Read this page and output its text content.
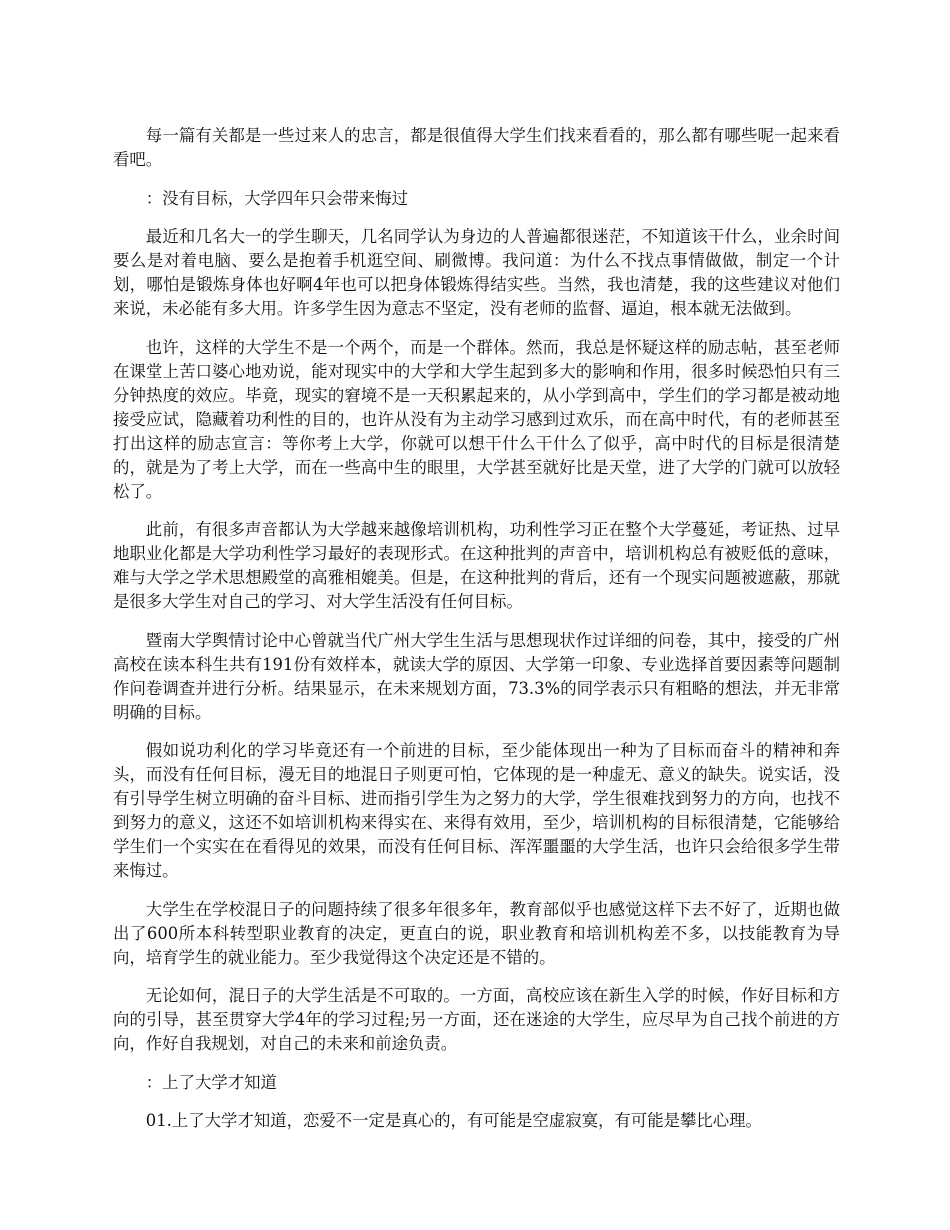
每一篇有关都是一些过来人的忠言，都是很值得大学生们找来看看的，那么都有哪些呢一起来看看吧。

：没有目标，大学四年只会带来悔过

最近和几名大一的学生聊天，几名同学认为身边的人普遍都很迷茫，不知道该干什么，业余时间要么是对着电脑、要么是抱着手机逛空间、刷微博。我问道：为什么不找点事情做做，制定一个计划，哪怕是锻炼身体也好啊4年也可以把身体锻炼得结实些。当然，我也清楚，我的这些建议对他们来说，未必能有多大用。许多学生因为意志不坚定，没有老师的监督、逼迫，根本就无法做到。

也许，这样的大学生不是一个两个，而是一个群体。然而，我总是怀疑这样的励志帖，甚至老师在课堂上苦口婆心地劝说，能对现实中的大学和大学生起到多大的影响和作用，很多时候恐怕只有三分钟热度的效应。毕竟，现实的窘境不是一天积累起来的，从小学到高中，学生们的学习都是被动地接受应试，隐藏着功利性的目的，也许从没有为主动学习感到过欢乐，而在高中时代，有的老师甚至打出这样的励志宣言：等你考上大学，你就可以想干什么干什么了似乎，高中时代的目标是很清楚的，就是为了考上大学，而在一些高中生的眼里，大学甚至就好比是天堂，进了大学的门就可以放轻松了。

此前，有很多声音都认为大学越来越像培训机构，功利性学习正在整个大学蔓延，考证热、过早地职业化都是大学功利性学习最好的表现形式。在这种批判的声音中，培训机构总有被贬低的意味，难与大学之学术思想殿堂的高雅相媲美。但是，在这种批判的背后，还有一个现实问题被遮蔽，那就是很多大学生对自己的学习、对大学生活没有任何目标。

暨南大学舆情讨论中心曾就当代广州大学生生活与思想现状作过详细的问卷，其中，接受的广州高校在读本科生共有191份有效样本，就读大学的原因、大学第一印象、专业选择首要因素等问题制作问卷调查并进行分析。结果显示，在未来规划方面，73.3%的同学表示只有粗略的想法，并无非常明确的目标。

假如说功利化的学习毕竟还有一个前进的目标，至少能体现出一种为了目标而奋斗的精神和奔头，而没有任何目标，漫无目的地混日子则更可怕，它体现的是一种虚无、意义的缺失。说实话，没有引导学生树立明确的奋斗目标、进而指引学生为之努力的大学，学生很难找到努力的方向，也找不到努力的意义，这还不如培训机构来得实在、来得有效用，至少，培训机构的目标很清楚，它能够给学生们一个实实在在看得见的效果，而没有任何目标、浑浑噩噩的大学生活，也许只会给很多学生带来悔过。

大学生在学校混日子的问题持续了很多年很多年，教育部似乎也感觉这样下去不好了，近期也做出了600所本科转型职业教育的决定，更直白的说，职业教育和培训机构差不多，以技能教育为导向，培育学生的就业能力。至少我觉得这个决定还是不错的。

无论如何，混日子的大学生活是不可取的。一方面，高校应该在新生入学的时候，作好目标和方向的引导，甚至贯穿大学4年的学习过程;另一方面，还在迷途的大学生，应尽早为自己找个前进的方向，作好自我规划，对自己的未来和前途负责。

：上了大学才知道

01.上了大学才知道，恋爱不一定是真心的，有可能是空虚寂寞，有可能是攀比心理。
